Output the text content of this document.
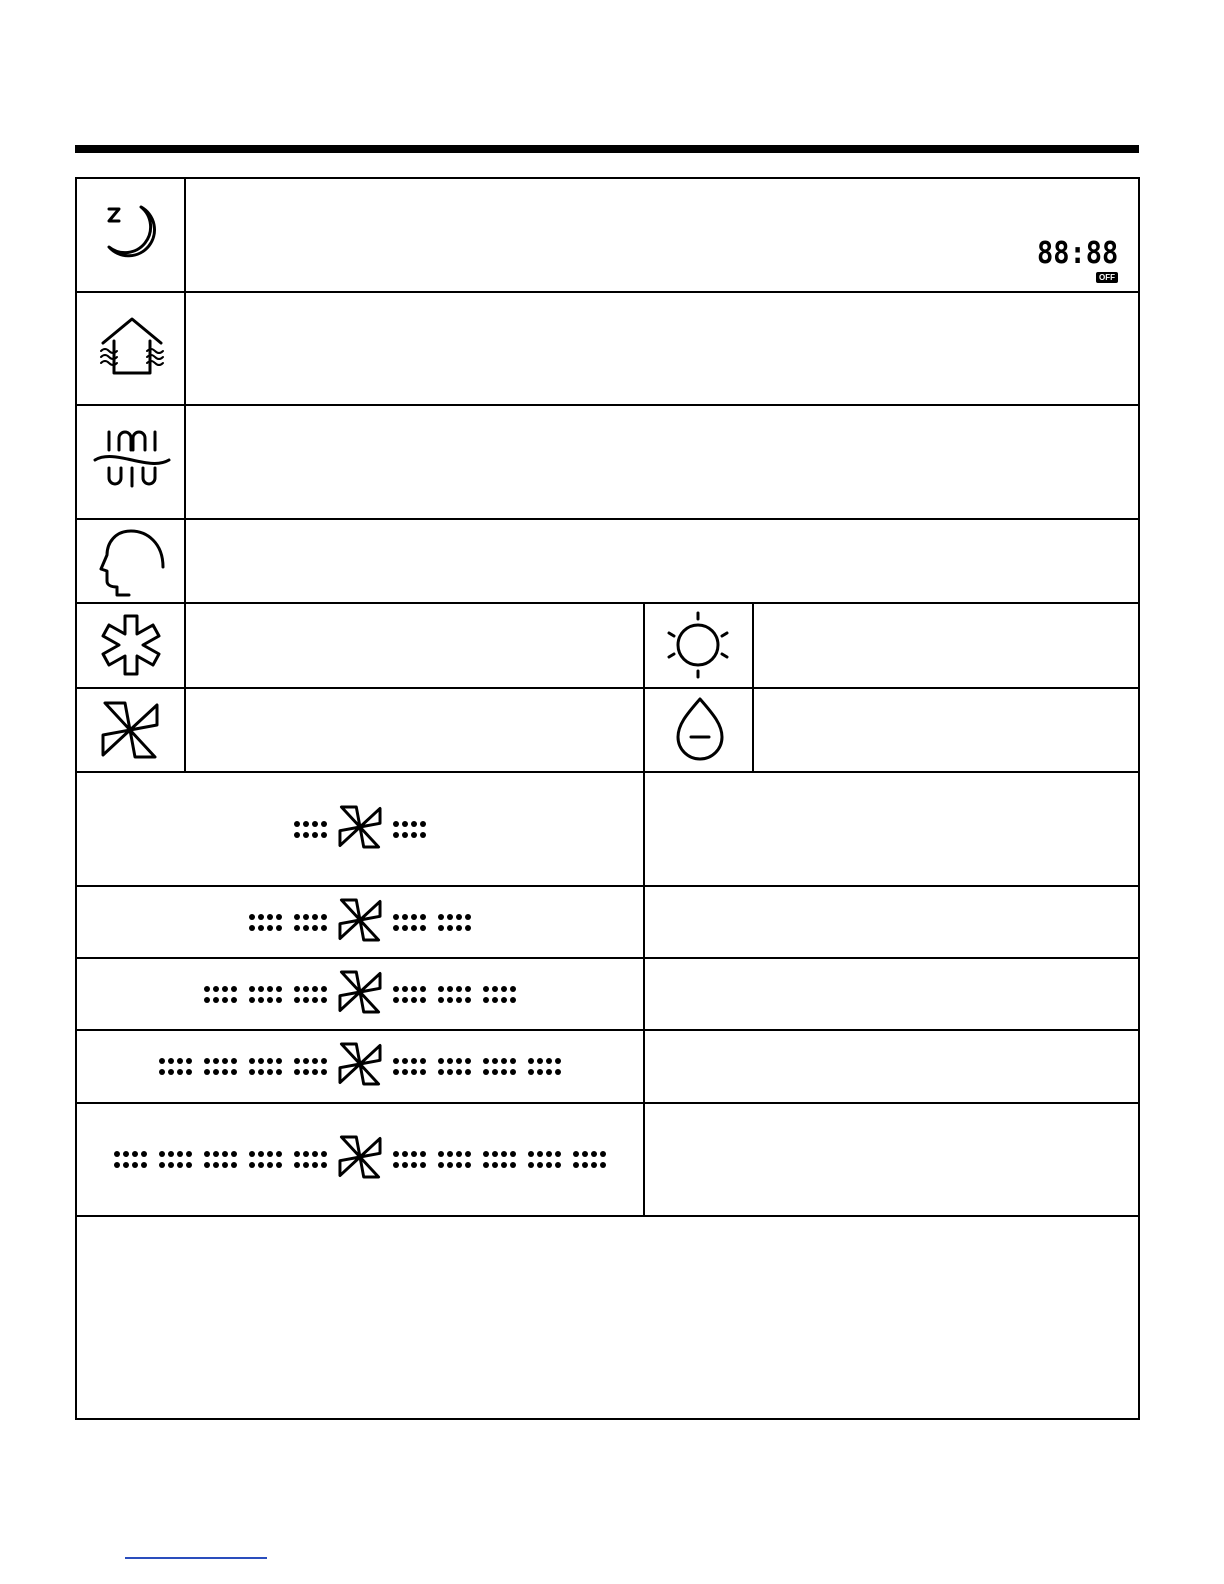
88:88
OFF
